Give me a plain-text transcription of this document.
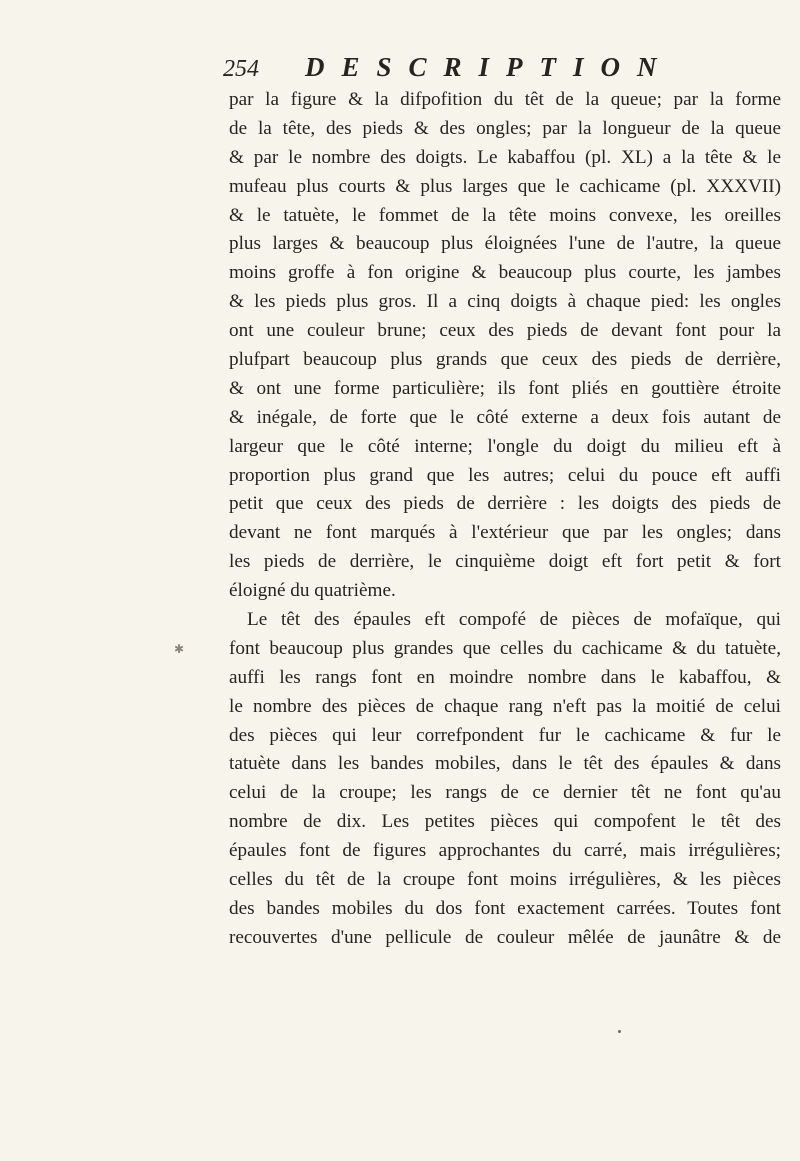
254 DESCRIPTION
par la figure & la difpofition du têt de la queue; par la forme
de la tête, des pieds & des ongles; par la longueur de la queue
& par le nombre des doigts. Le kabaffou (pl. XL) a la tête & le
mufeau plus courts & plus larges que le cachicame (pl. XXXVII)
& le tatuète, le fommet de la tête moins convexe, les oreilles
plus larges & beaucoup plus éloignées l'une de l'autre, la queue
moins groffe à fon origine & beaucoup plus courte, les jambes
& les pieds plus gros. Il a cinq doigts à chaque pied: les ongles
ont une couleur brune; ceux des pieds de devant font pour la
plufpart beaucoup plus grands que ceux des pieds de derrière,
& ont une forme particulière; ils font pliés en gouttière étroite
& inégale, de forte que le côté externe a deux fois autant de
largeur que le côté interne; l'ongle du doigt du milieu eft à
proportion plus grand que les autres; celui du pouce eft auffi
petit que ceux des pieds de derrière : les doigts des pieds de
devant ne font marqués à l'extérieur que par les ongles; dans
les pieds de derrière, le cinquième doigt eft fort petit & fort
éloigné du quatrième.
Le têt des épaules eft compofé de pièces de mofaïque, qui
font beaucoup plus grandes que celles du cachicame & du tatuète,
auffi les rangs font en moindre nombre dans le kabaffou, &
le nombre des pièces de chaque rang n'eft pas la moitié de celui
des pièces qui leur correfpondent fur le cachicame & fur le
tatuète dans les bandes mobiles, dans le têt des épaules & dans
celui de la croupe; les rangs de ce dernier têt ne font qu'au
nombre de dix. Les petites pièces qui compofent le têt des
épaules font de figures approchantes du carré, mais irrégulières;
celles du têt de la croupe font moins irrégulières, & les pièces
des bandes mobiles du dos font exactement carrées. Toutes font
recouvertes d'une pellicule de couleur mêlée de jaunâtre & de
✱
